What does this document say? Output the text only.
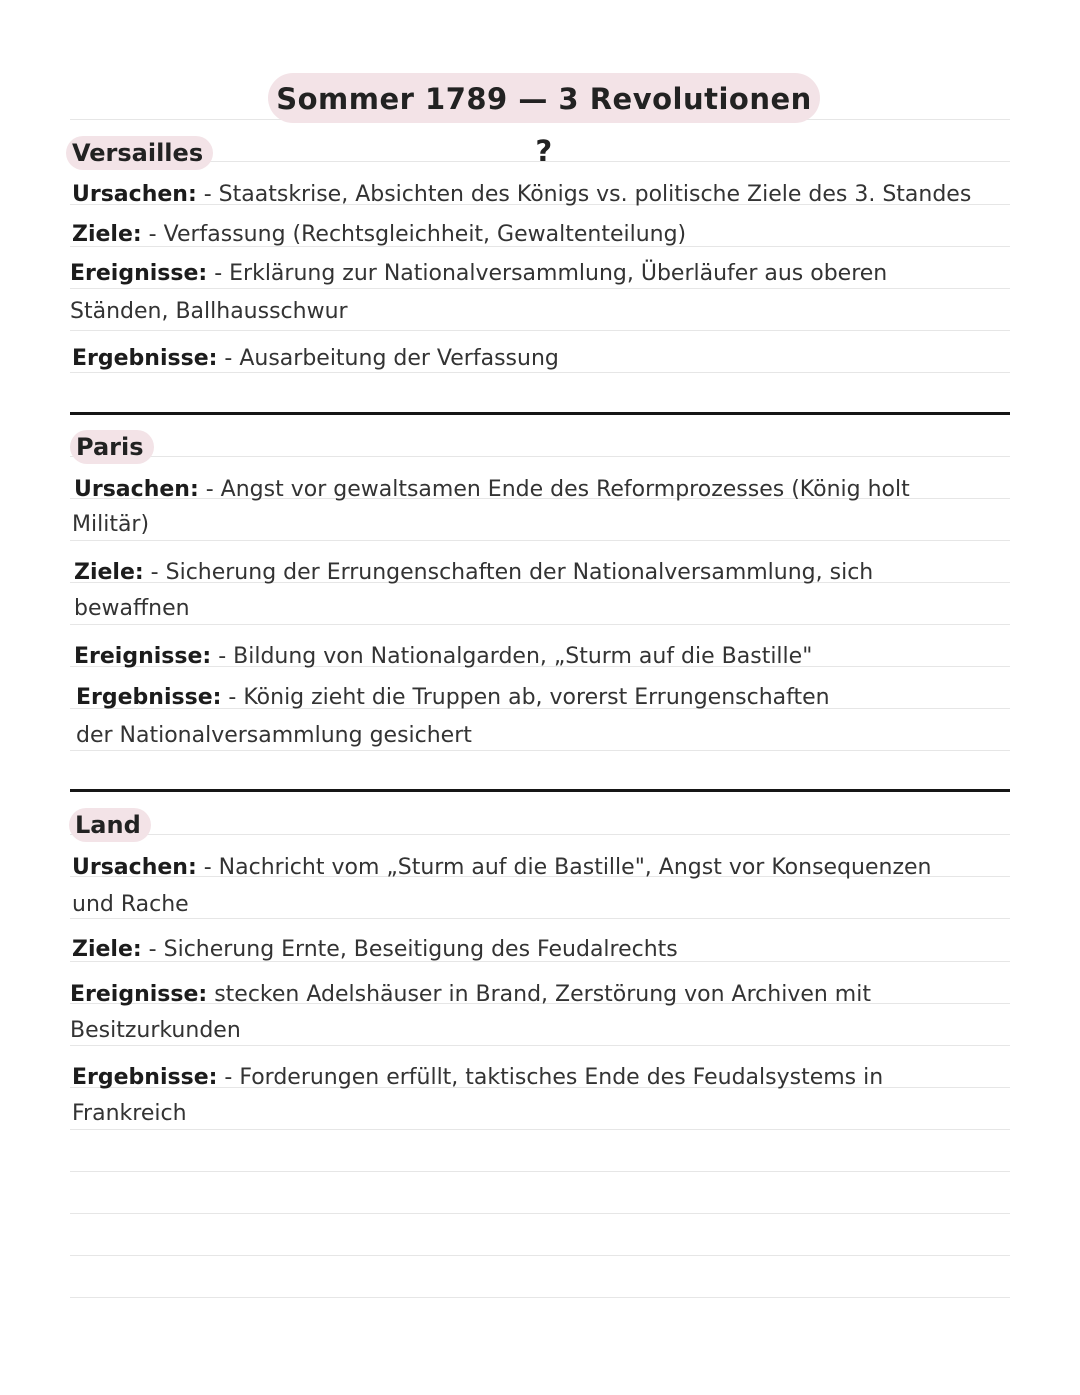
Sommer 1789 — 3 Revolutionen ?
Versailles
Ursachen: - Staatskrise, Absichten des Königs vs. politische Ziele des 3. Standes
Ziele: - Verfassung (Rechtsgleichheit, Gewaltenteilung)
Ereignisse: - Erklärung zur Nationalversammlung, Überläufer aus oberen
Ständen, Ballhausschwur
Ergebnisse: - Ausarbeitung der Verfassung
Paris
Ursachen: - Angst vor gewaltsamen Ende des Reformprozesses (König holt
Militär)
Ziele: - Sicherung der Errungenschaften der Nationalversammlung, sich
bewaffnen
Ereignisse: - Bildung von Nationalgarden, „Sturm auf die Bastille"
Ergebnisse: - König zieht die Truppen ab, vorerst Errungenschaften
der Nationalversammlung gesichert
Land
Ursachen: - Nachricht vom „Sturm auf die Bastille", Angst vor Konsequenzen
und Rache
Ziele: - Sicherung Ernte, Beseitigung des Feudalrechts
Ereignisse: stecken Adelshäuser in Brand, Zerstörung von Archiven mit
Besitzurkunden
Ergebnisse: - Forderungen erfüllt, taktisches Ende des Feudalsystems in
Frankreich
